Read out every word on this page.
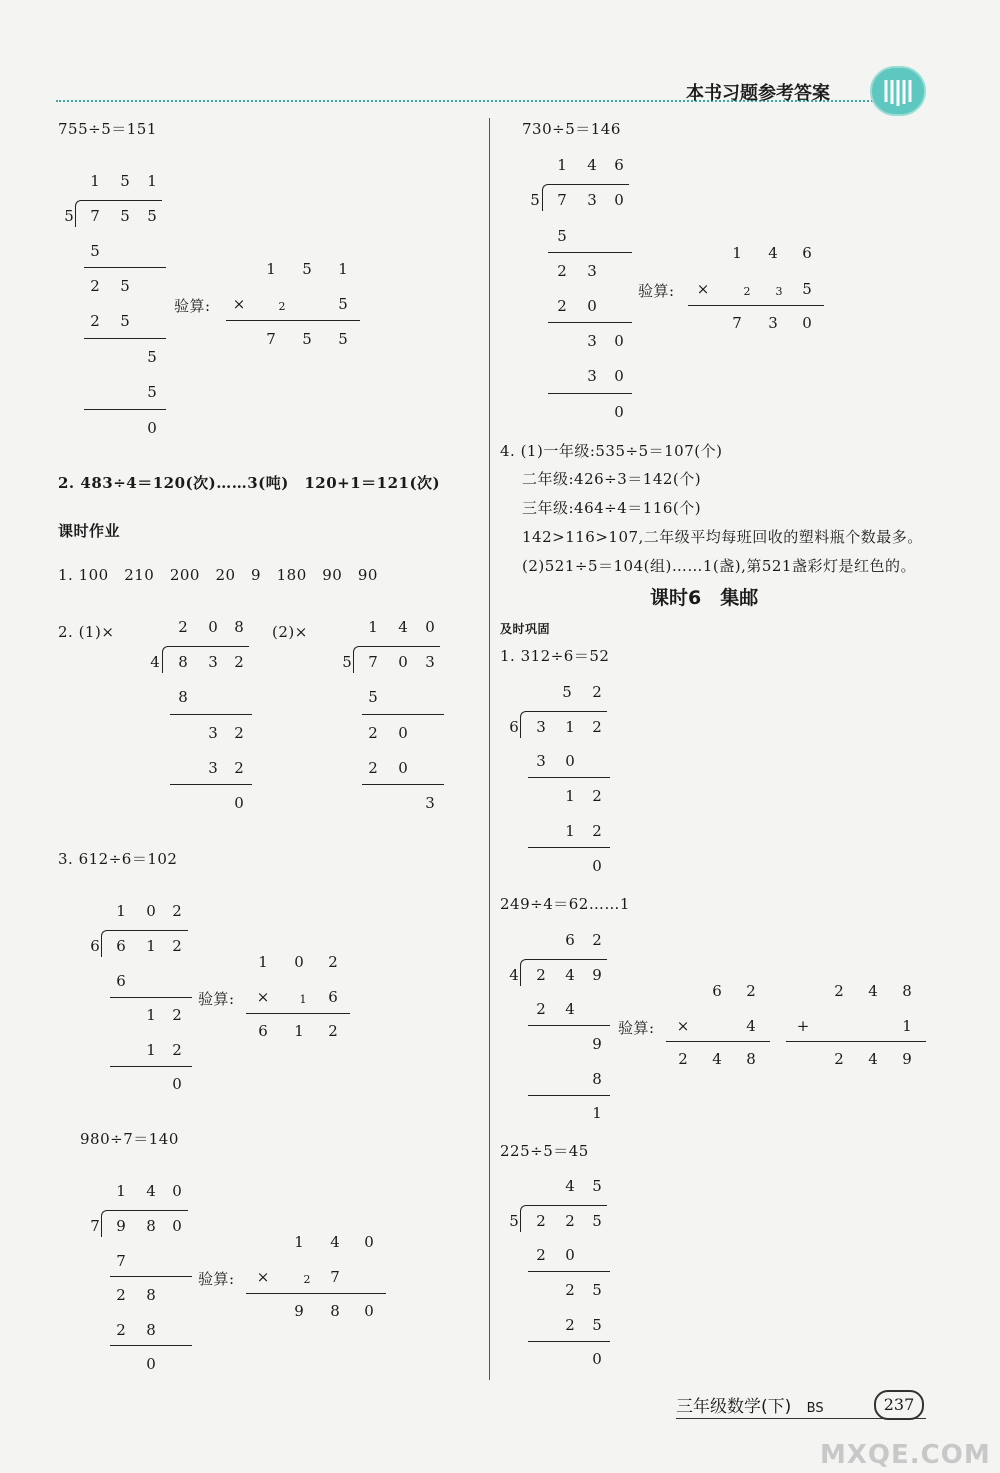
本书习题参考答案
755÷5＝151
1 5 1
5 7 5 5
5
2 5
2 5
5
5
0
验算:
1 5 1
×	2	5
7 5 5
2. 483÷4＝120(次)……3(吨)　120+1＝121(次)
课时作业
1. 100　210　200　20　9　180　90　90
2. (1)×	(2)×
2 0 8
4 8 3 2
8
3 2
3 2
0
1 4 0
5 7 0 3
5
2 0
2 0
3
3. 612÷6＝102
1 0 2
6 6 1 2
6
1 2
1 2
0
验算:
1 0 2
×	1 6
6 1 2
980÷7＝140
1 4 0
7 9 8 0
7
2 8
2 8
0
验算:
1 4 0
×	2 7
9 8 0
730÷5＝146
1 4 6
5 7 3 0
5
2 3
2 0
3 0
3 0
0
验算:
1 4 6
×	2	3 5
7 3 0
4. (1)一年级:535÷5＝107(个)
二年级:426÷3＝142(个)
三年级:464÷4＝116(个)
142>116>107,二年级平均每班回收的塑料瓶个数最多。
(2)521÷5＝104(组)……1(盏),第521盏彩灯是红色的。
课时6　集邮
及时巩固
1. 312÷6＝52
5 2
6 3 1 2
3 0
1 2
1 2
0
249÷4＝62……1
6 2
4 2 4 9
2 4
9
8
1
验算:
6 2
×	4
2 4 8
2 4 8
+	1
2 4 9
225÷5＝45
4 5
5 2 2 5
2 0
2 5
2 5
0
三年级数学(下) BS	237
MXQE.COM
